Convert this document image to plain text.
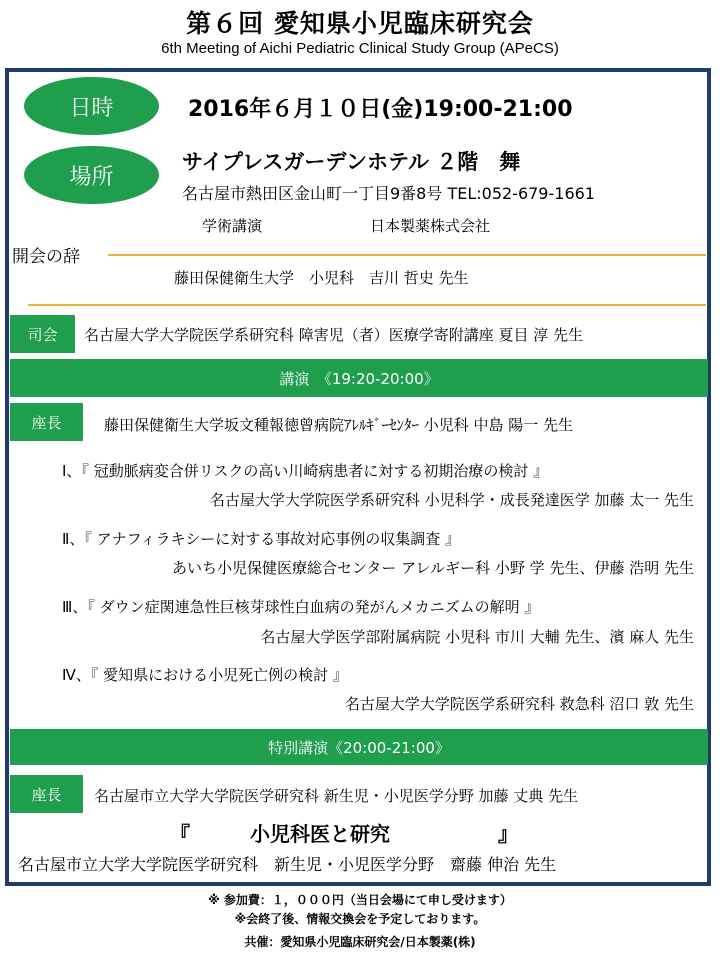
第６回 愛知県小児臨床研究会
6th Meeting of Aichi Pediatric Clinical Study Group (APeCS)
日時	2016年６月１０日(金)19:00-21:00
場所
サイプレスガーデンホテル ２階　舞
名古屋市熱田区金山町一丁目9番8号 TEL:052-679-1661
学術講演	日本製薬株式会社
開会の辞
藤田保健衛生大学　小児科　吉川 哲史 先生
司会 名古屋大学大学院医学系研究科 障害児（者）医療学寄附講座 夏目 淳 先生
講演　《19:20-20:00》
座長	藤田保健衛生大学坂文種報徳曾病院ｱﾚﾙｷﾞｰｾﾝﾀｰ 小児科 中島 陽一 先生
Ⅰ、『 冠動脈病変合併リスクの高い川崎病患者に対する初期治療の検討 』
名古屋大学大学院医学系研究科 小児科学・成長発達医学 加藤 太一 先生
Ⅱ、『 アナフィラキシーに対する事故対応事例の収集調査 』
あいち小児保健医療総合センター アレルギー科 小野 学 先生、伊藤 浩明 先生
Ⅲ、『 ダウン症関連急性巨核芽球性白血病の発がんメカニズムの解明 』
名古屋大学医学部附属病院 小児科 市川 大輔 先生、濱 麻人 先生
Ⅳ、『 愛知県における小児死亡例の検討 』
名古屋大学大学院医学系研究科 救急科 沼口 敦 先生
特別講演《20:00-21:00》
座長 名古屋市立大学大学院医学研究科 新生児・小児医学分野 加藤 丈典 先生
『	小児科医と研究	』
名古屋市立大学大学院医学研究科　新生児・小児医学分野　齋藤 伸治 先生
※ 参加費：１，０００円（当日会場にて申し受けます）
※会終了後、情報交換会を予定しております。
共催：愛知県小児臨床研究会/日本製薬(株)
